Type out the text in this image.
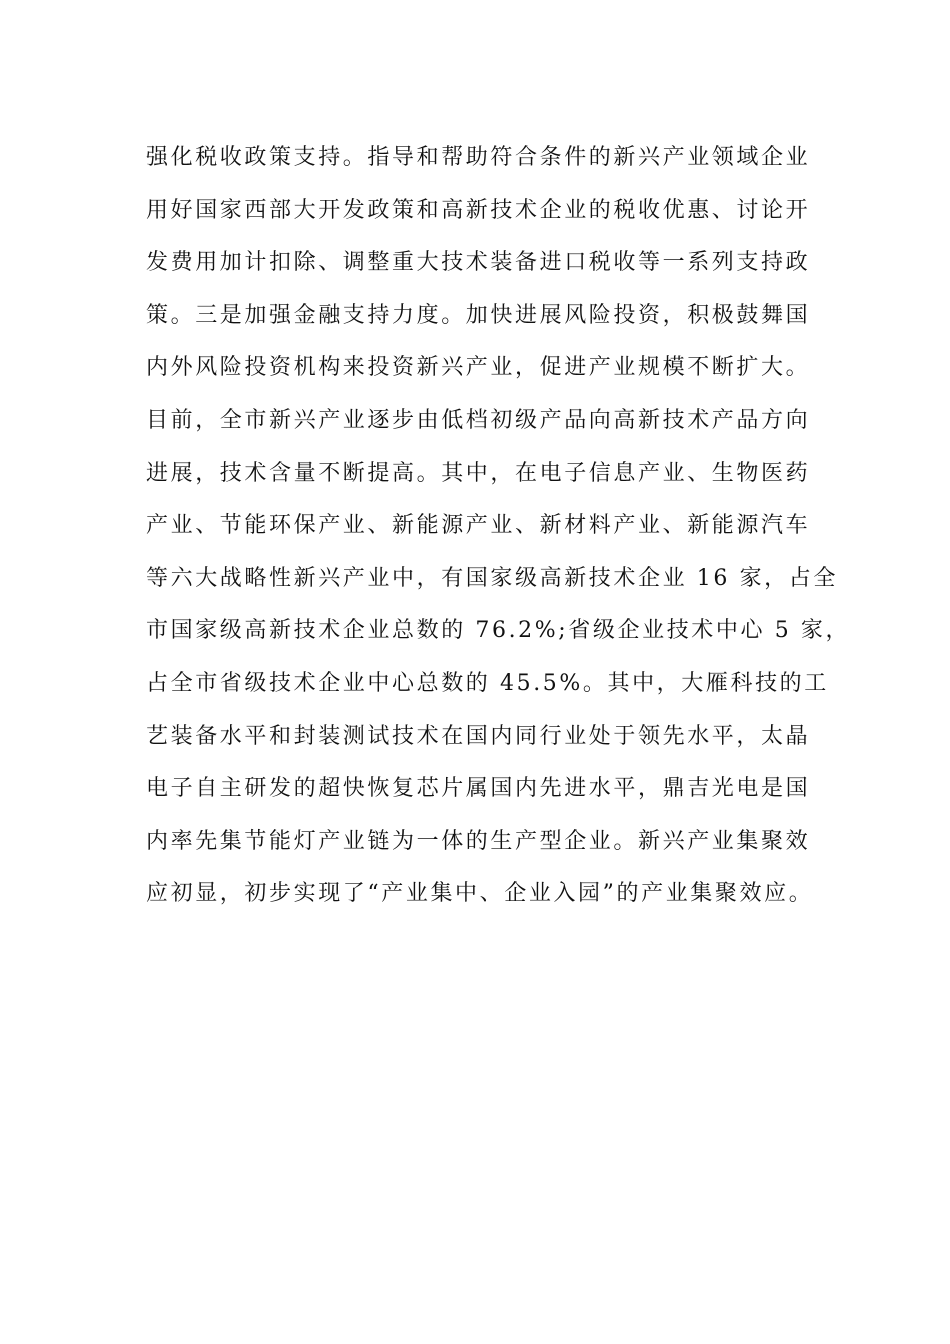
强化税收政策支持。指导和帮助符合条件的新兴产业领域企业
用好国家西部大开发政策和高新技术企业的税收优惠、讨论开
发费用加计扣除、调整重大技术装备进口税收等一系列支持政
策。三是加强金融支持力度。加快进展风险投资，积极鼓舞国
内外风险投资机构来投资新兴产业，促进产业规模不断扩大。
目前，全市新兴产业逐步由低档初级产品向高新技术产品方向
进展，技术含量不断提高。其中，在电子信息产业、生物医药
产业、节能环保产业、新能源产业、新材料产业、新能源汽车
等六大战略性新兴产业中，有国家级高新技术企业 16 家，占全
市国家级高新技术企业总数的 76.2%;省级企业技术中心 5 家，
占全市省级技术企业中心总数的 45.5%。其中，大雁科技的工
艺装备水平和封装测试技术在国内同行业处于领先水平，太晶
电子自主研发的超快恢复芯片属国内先进水平，鼎吉光电是国
内率先集节能灯产业链为一体的生产型企业。新兴产业集聚效
应初显，初步实现了“产业集中、企业入园”的产业集聚效应。
